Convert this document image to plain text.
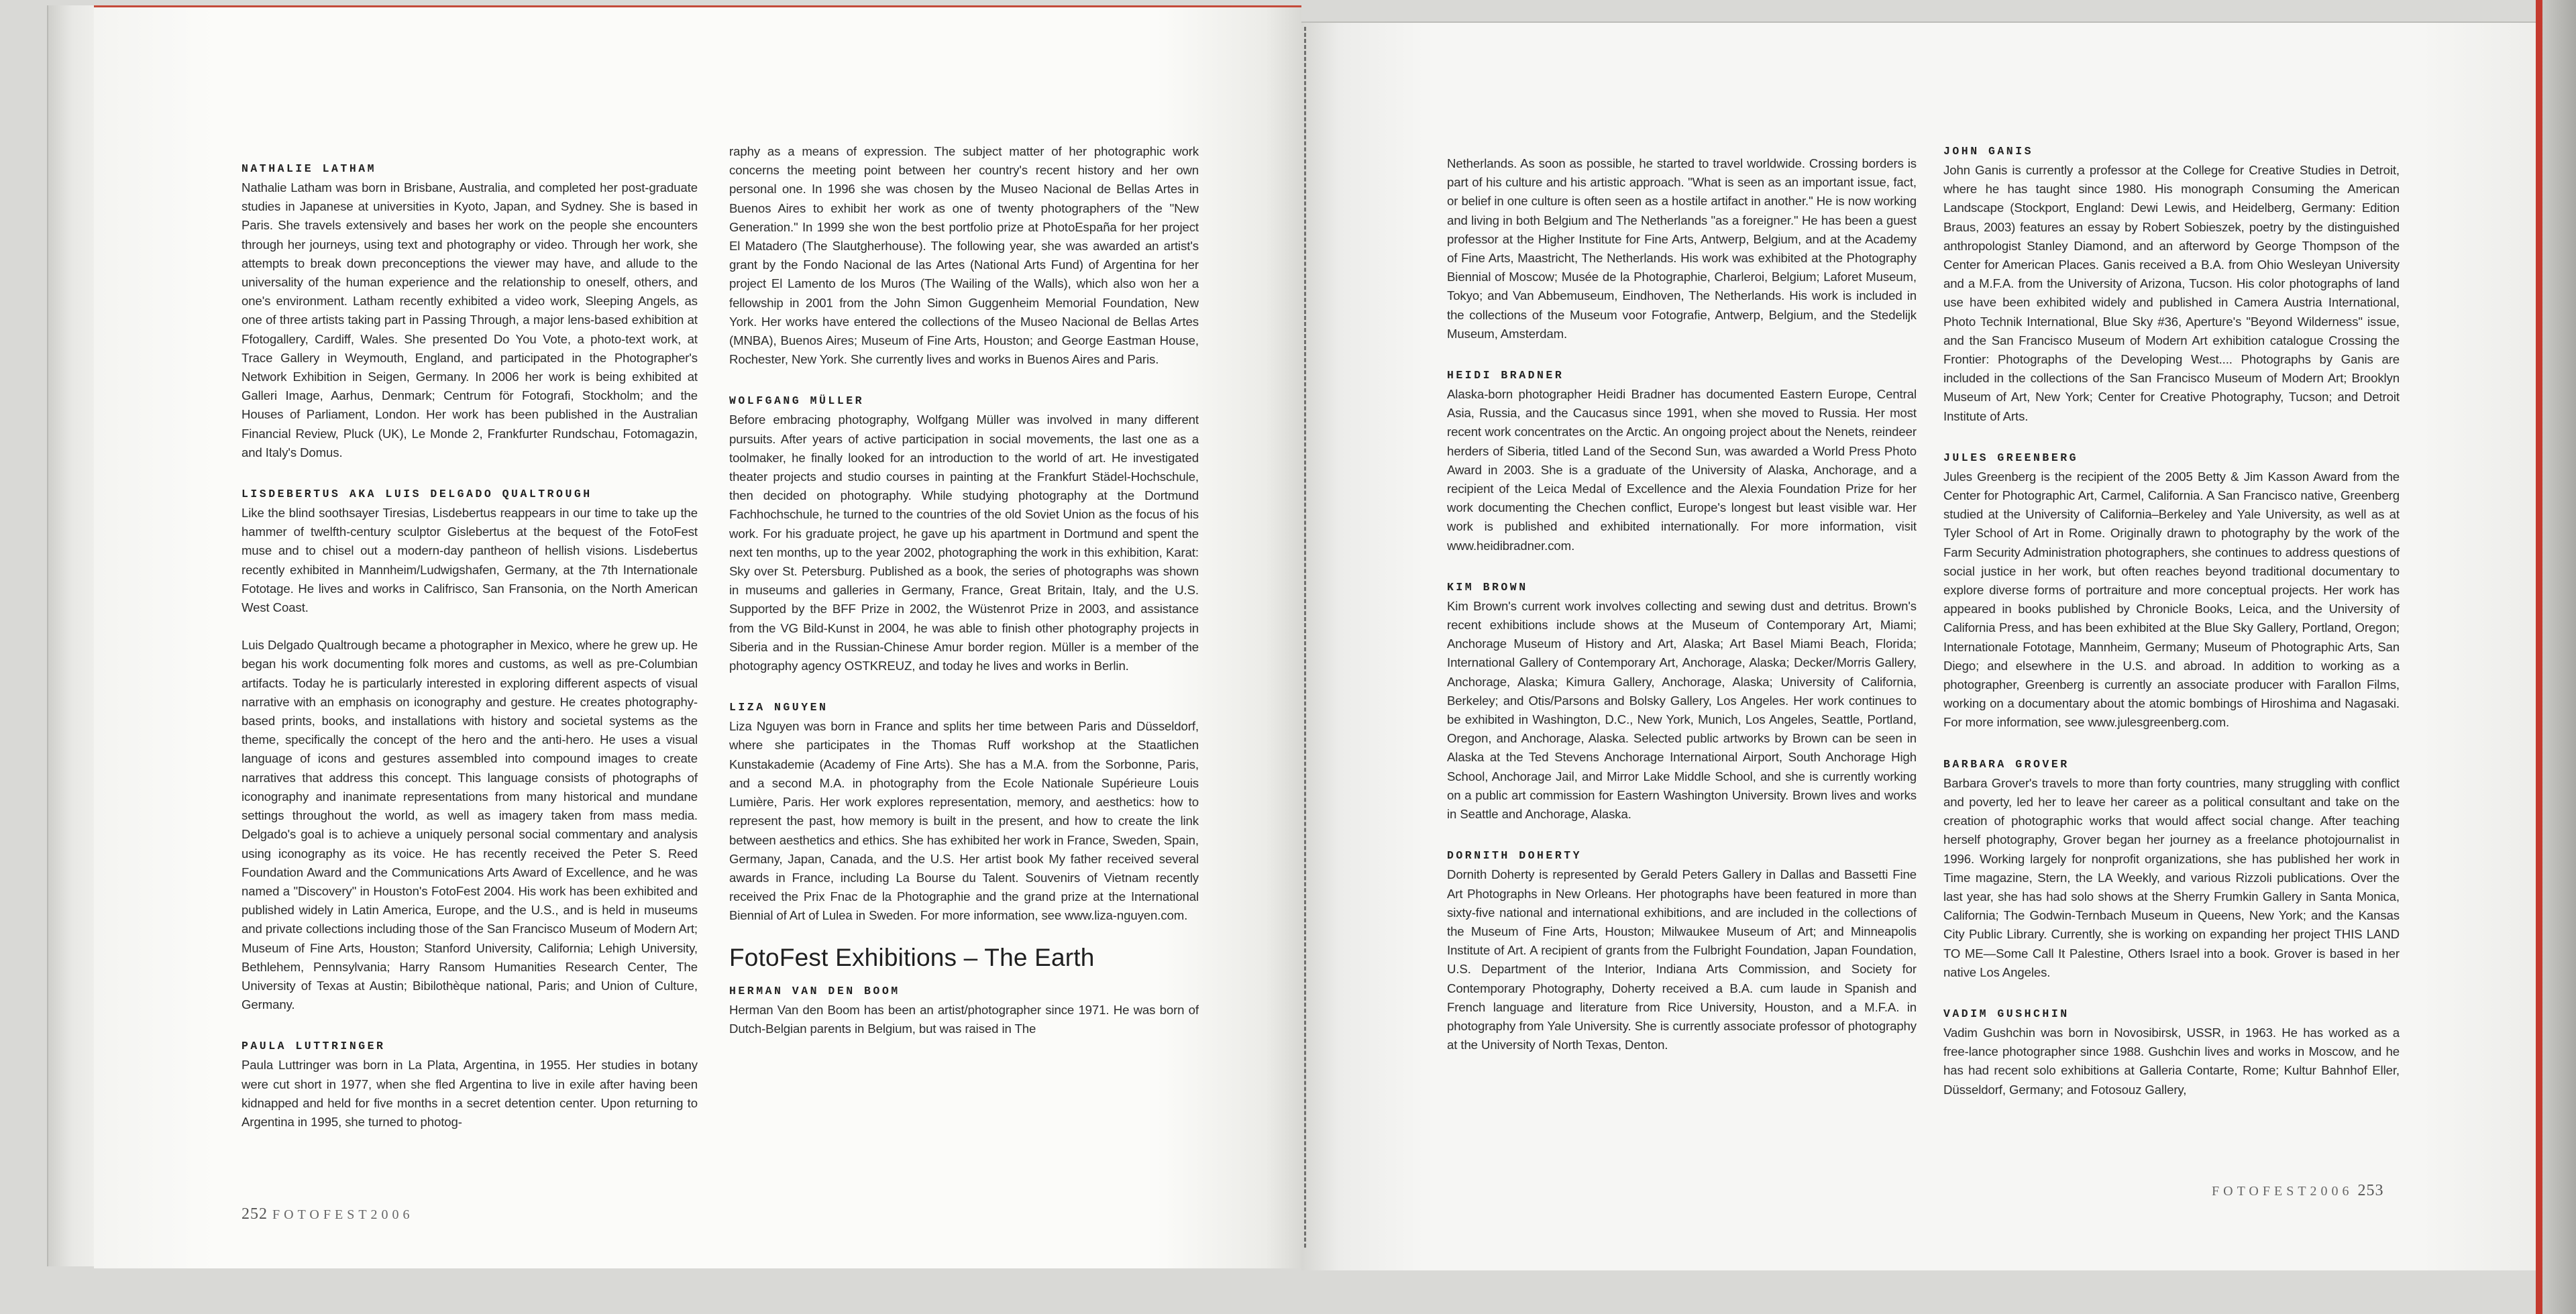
NATHALIE LATHAM

Nathalie Latham was born in Brisbane, Australia, and completed her post-graduate studies in Japanese at universities in Kyoto, Japan, and Sydney. She is based in Paris. She travels extensively and bases her work on the people she encounters through her journeys, using text and photography or video. Through her work, she attempts to break down preconceptions the viewer may have, and allude to the universality of the human experience and the relationship to oneself, others, and one's environment. Latham recently exhibited a video work, Sleeping Angels, as one of three artists taking part in Passing Through, a major lens-based exhibition at Ffotogallery, Cardiff, Wales. She presented Do You Vote, a photo-text work, at Trace Gallery in Weymouth, England, and participated in the Photographer's Network Exhibition in Seigen, Germany. In 2006 her work is being exhibited at Galleri Image, Aarhus, Denmark; Centrum för Fotografi, Stockholm; and the Houses of Parliament, London. Her work has been published in the Australian Financial Review, Pluck (UK), Le Monde 2, Frankfurter Rundschau, Fotomagazin, and Italy's Domus.

LISDEBERTUS AKA LUIS DELGADO QUALTROUGH

Like the blind soothsayer Tiresias, Lisdebertus reappears in our time to take up the hammer of twelfth-century sculptor Gislebertus at the bequest of the FotoFest muse and to chisel out a modern-day pantheon of hellish visions. Lisdebertus recently exhibited in Mannheim/Ludwigshafen, Germany, at the 7th Internationale Fototage. He lives and works in Califrisco, San Fransonia, on the North American West Coast.

Luis Delgado Qualtrough became a photographer in Mexico, where he grew up. He began his work documenting folk mores and customs, as well as pre-Columbian artifacts. Today he is particularly interested in exploring different aspects of visual narrative with an emphasis on iconography and gesture. He creates photography-based prints, books, and installations with history and societal systems as the theme, specifically the concept of the hero and the anti-hero. He uses a visual language of icons and gestures assembled into compound images to create narratives that address this concept. This language consists of photographs of iconography and inanimate representations from many historical and mundane settings throughout the world, as well as imagery taken from mass media. Delgado's goal is to achieve a uniquely personal social commentary and analysis using iconography as its voice. He has recently received the Peter S. Reed Foundation Award and the Communications Arts Award of Excellence, and he was named a "Discovery" in Houston's FotoFest 2004. His work has been exhibited and published widely in Latin America, Europe, and the U.S., and is held in museums and private collections including those of the San Francisco Museum of Modern Art; Museum of Fine Arts, Houston; Stanford University, California; Lehigh University, Bethlehem, Pennsylvania; Harry Ransom Humanities Research Center, The University of Texas at Austin; Bibilothèque national, Paris; and Union of Culture, Germany.

PAULA LUTTRINGER

Paula Luttringer was born in La Plata, Argentina, in 1955. Her studies in botany were cut short in 1977, when she fled Argentina to live in exile after having been kidnapped and held for five months in a secret detention center. Upon returning to Argentina in 1995, she turned to photog-

raphy as a means of expression. The subject matter of her photographic work concerns the meeting point between her country's recent history and her own personal one. In 1996 she was chosen by the Museo Nacional de Bellas Artes in Buenos Aires to exhibit her work as one of twenty photographers of the "New Generation." In 1999 she won the best portfolio prize at PhotoEspaña for her project El Matadero (The Slautgherhouse). The following year, she was awarded an artist's grant by the Fondo Nacional de las Artes (National Arts Fund) of Argentina for her project El Lamento de los Muros (The Wailing of the Walls), which also won her a fellowship in 2001 from the John Simon Guggenheim Memorial Foundation, New York. Her works have entered the collections of the Museo Nacional de Bellas Artes (MNBA), Buenos Aires; Museum of Fine Arts, Houston; and George Eastman House, Rochester, New York. She currently lives and works in Buenos Aires and Paris.

WOLFGANG MÜLLER

Before embracing photography, Wolfgang Müller was involved in many different pursuits. After years of active participation in social movements, the last one as a toolmaker, he finally looked for an introduction to the world of art. He investigated theater projects and studio courses in painting at the Frankfurt Städel-Hochschule, then decided on photography. While studying photography at the Dortmund Fachhochschule, he turned to the countries of the old Soviet Union as the focus of his work. For his graduate project, he gave up his apartment in Dortmund and spent the next ten months, up to the year 2002, photographing the work in this exhibition, Karat: Sky over St. Petersburg. Published as a book, the series of photographs was shown in museums and galleries in Germany, France, Great Britain, Italy, and the U.S. Supported by the BFF Prize in 2002, the Wüstenrot Prize in 2003, and assistance from the VG Bild-Kunst in 2004, he was able to finish other photography projects in Siberia and in the Russian-Chinese Amur border region. Müller is a member of the photography agency OSTKREUZ, and today he lives and works in Berlin.

LIZA NGUYEN

Liza Nguyen was born in France and splits her time between Paris and Düsseldorf, where she participates in the Thomas Ruff workshop at the Staatlichen Kunstakademie (Academy of Fine Arts). She has a M.A. from the Sorbonne, Paris, and a second M.A. in photography from the Ecole Nationale Supérieure Louis Lumière, Paris. Her work explores representation, memory, and aesthetics: how to represent the past, how memory is built in the present, and how to create the link between aesthetics and ethics. She has exhibited her work in France, Sweden, Spain, Germany, Japan, Canada, and the U.S. Her artist book My father received several awards in France, including La Bourse du Talent. Souvenirs of Vietnam recently received the Prix Fnac de la Photographie and the grand prize at the International Biennial of Art of Lulea in Sweden. For more information, see www.liza-nguyen.com.

FotoFest Exhibitions – The Earth
HERMAN VAN DEN BOOM

Herman Van den Boom has been an artist/photographer since 1971. He was born of Dutch-Belgian parents in Belgium, but was raised in The

252 FOTOFEST2006

Netherlands. As soon as possible, he started to travel worldwide. Crossing borders is part of his culture and his artistic approach. "What is seen as an important issue, fact, or belief in one culture is often seen as a hostile artifact in another." He is now working and living in both Belgium and The Netherlands "as a foreigner." He has been a guest professor at the Higher Institute for Fine Arts, Antwerp, Belgium, and at the Academy of Fine Arts, Maastricht, The Netherlands. His work was exhibited at the Photography Biennial of Moscow; Musée de la Photographie, Charleroi, Belgium; Laforet Museum, Tokyo; and Van Abbemuseum, Eindhoven, The Netherlands. His work is included in the collections of the Museum voor Fotografie, Antwerp, Belgium, and the Stedelijk Museum, Amsterdam.

HEIDI BRADNER

Alaska-born photographer Heidi Bradner has documented Eastern Europe, Central Asia, Russia, and the Caucasus since 1991, when she moved to Russia. Her most recent work concentrates on the Arctic. An ongoing project about the Nenets, reindeer herders of Siberia, titled Land of the Second Sun, was awarded a World Press Photo Award in 2003. She is a graduate of the University of Alaska, Anchorage, and a recipient of the Leica Medal of Excellence and the Alexia Foundation Prize for her work documenting the Chechen conflict, Europe's longest but least visible war. Her work is published and exhibited internationally. For more information, visit www.heidibradner.com.

KIM BROWN

Kim Brown's current work involves collecting and sewing dust and detritus. Brown's recent exhibitions include shows at the Museum of Contemporary Art, Miami; Anchorage Museum of History and Art, Alaska; Art Basel Miami Beach, Florida; International Gallery of Contemporary Art, Anchorage, Alaska; Decker/Morris Gallery, Anchorage, Alaska; Kimura Gallery, Anchorage, Alaska; University of California, Berkeley; and Otis/Parsons and Bolsky Gallery, Los Angeles. Her work continues to be exhibited in Washington, D.C., New York, Munich, Los Angeles, Seattle, Portland, Oregon, and Anchorage, Alaska. Selected public artworks by Brown can be seen in Alaska at the Ted Stevens Anchorage International Airport, South Anchorage High School, Anchorage Jail, and Mirror Lake Middle School, and she is currently working on a public art commission for Eastern Washington University. Brown lives and works in Seattle and Anchorage, Alaska.

DORNITH DOHERTY

Dornith Doherty is represented by Gerald Peters Gallery in Dallas and Bassetti Fine Art Photographs in New Orleans. Her photographs have been featured in more than sixty-five national and international exhibitions, and are included in the collections of the Museum of Fine Arts, Houston; Milwaukee Museum of Art; and Minneapolis Institute of Art. A recipient of grants from the Fulbright Foundation, Japan Foundation, U.S. Department of the Interior, Indiana Arts Commission, and Society for Contemporary Photography, Doherty received a B.A. cum laude in Spanish and French language and literature from Rice University, Houston, and a M.F.A. in photography from Yale University. She is currently associate professor of photography at the University of North Texas, Denton.

JOHN GANIS

John Ganis is currently a professor at the College for Creative Studies in Detroit, where he has taught since 1980. His monograph Consuming the American Landscape (Stockport, England: Dewi Lewis, and Heidelberg, Germany: Edition Braus, 2003) features an essay by Robert Sobieszek, poetry by the distinguished anthropologist Stanley Diamond, and an afterword by George Thompson of the Center for American Places. Ganis received a B.A. from Ohio Wesleyan University and a M.F.A. from the University of Arizona, Tucson. His color photographs of land use have been exhibited widely and published in Camera Austria International, Photo Technik International, Blue Sky #36, Aperture's "Beyond Wilderness" issue, and the San Francisco Museum of Modern Art exhibition catalogue Crossing the Frontier: Photographs of the Developing West.... Photographs by Ganis are included in the collections of the San Francisco Museum of Modern Art; Brooklyn Museum of Art, New York; Center for Creative Photography, Tucson; and Detroit Institute of Arts.

JULES GREENBERG

Jules Greenberg is the recipient of the 2005 Betty & Jim Kasson Award from the Center for Photographic Art, Carmel, California. A San Francisco native, Greenberg studied at the University of California–Berkeley and Yale University, as well as at Tyler School of Art in Rome. Originally drawn to photography by the work of the Farm Security Administration photographers, she continues to address questions of social justice in her work, but often reaches beyond traditional documentary to explore diverse forms of portraiture and more conceptual projects. Her work has appeared in books published by Chronicle Books, Leica, and the University of California Press, and has been exhibited at the Blue Sky Gallery, Portland, Oregon; Internationale Fototage, Mannheim, Germany; Museum of Photographic Arts, San Diego; and elsewhere in the U.S. and abroad. In addition to working as a photographer, Greenberg is currently an associate producer with Farallon Films, working on a documentary about the atomic bombings of Hiroshima and Nagasaki. For more information, see www.julesgreenberg.com.

BARBARA GROVER

Barbara Grover's travels to more than forty countries, many struggling with conflict and poverty, led her to leave her career as a political consultant and take on the creation of photographic works that would affect social change. After teaching herself photography, Grover began her journey as a freelance photojournalist in 1996. Working largely for nonprofit organizations, she has published her work in Time magazine, Stern, the LA Weekly, and various Rizzoli publications. Over the last year, she has had solo shows at the Sherry Frumkin Gallery in Santa Monica, California; The Godwin-Ternbach Museum in Queens, New York; and the Kansas City Public Library. Currently, she is working on expanding her project THIS LAND TO ME—Some Call It Palestine, Others Israel into a book. Grover is based in her native Los Angeles.

VADIM GUSHCHIN

Vadim Gushchin was born in Novosibirsk, USSR, in 1963. He has worked as a free-lance photographer since 1988. Gushchin lives and works in Moscow, and he has had recent solo exhibitions at Galleria Contarte, Rome; Kultur Bahnhof Eller, Düsseldorf, Germany; and Fotosouz Gallery,

FOTOFEST2006 253
